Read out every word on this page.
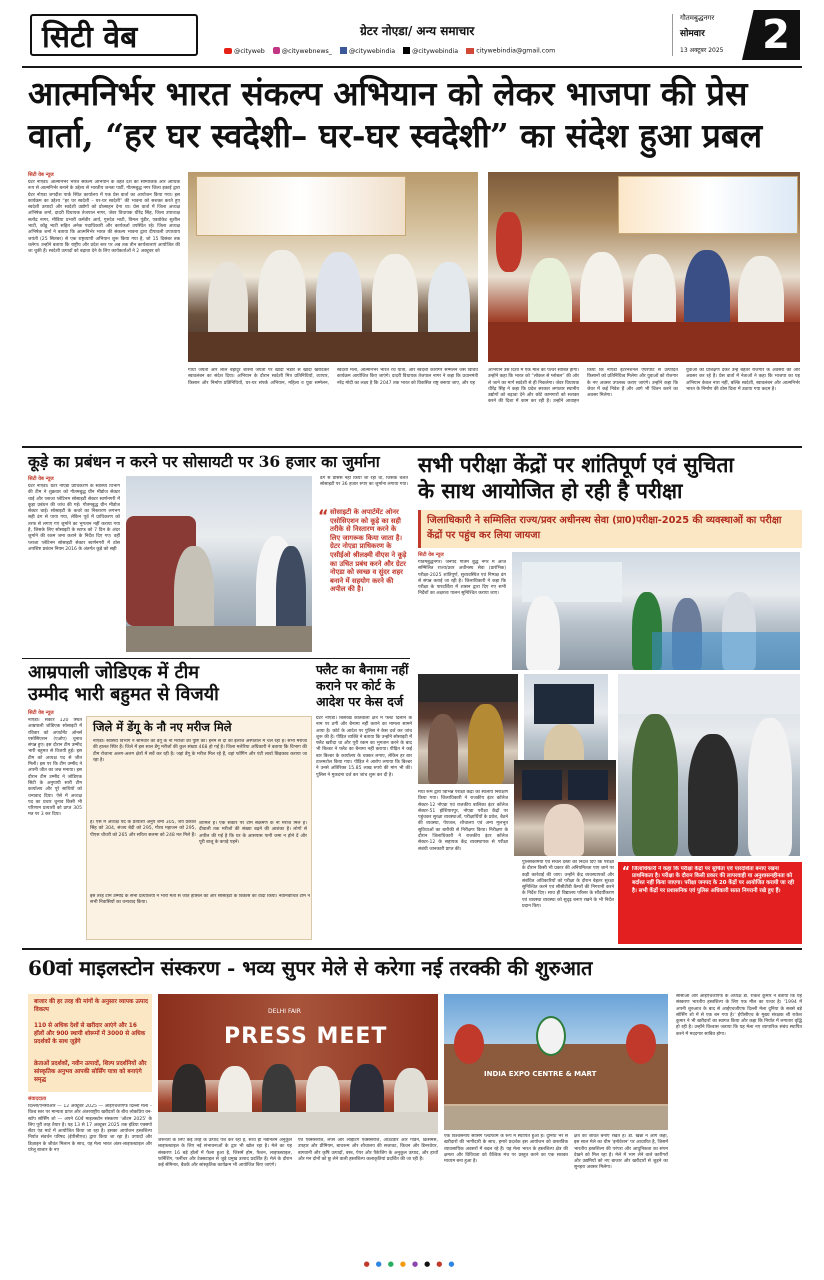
सिटी वेब	ग्रेटर नोएडा/ अन्य समाचार
@cityweb	@citywebnews_	@citywebindia	@citywebindia	citywebindia@gmail.com
गौतमबुद्धनगर
सोमवार
13 अक्टूबर 2025 2
आत्मनिर्भर भारत संकल्प अभियान को लेकर भाजपा की प्रेस
वार्ता, “हर घर स्वदेशी– घर-घर स्वदेशी” का संदेश हुआ प्रबल
सिटी वेब न्यूज
ग्रेटर नोएडा। आत्मनिर्भर भारत संकल्प अभियान के तहत देश को सामाजिक और आर्थिक रूप से आत्मनिर्भर बनाने के उद्देश्य से भारतीय जनता पार्टी, गौतमबुद्ध नगर जिला इकाई द्वारा ग्रेटर नोएडा जगदीश पार्क स्थित कार्यालय में एक प्रेस वार्ता का आयोजन किया गया। इस कार्यक्रम का उद्देश्य “हर घर स्वदेशी – घर-घर स्वदेशी” की भावना को सशक्त करते हुए स्वदेशी उत्पादों और स्वदेशी उद्योगों को प्रोत्साहन देना था। प्रेस वार्ता में जिला अध्यक्ष अभिषेक शर्मा, दादरी विधायक तेजपाल नागर, जेवर विधायक धीरेंद्र सिंह, जिला उपाध्यक्ष सत्येंद्र नागर, मीडिया प्रभारी कर्मवीर आर्य, गुरुदेव भाटी, विमल पुंडीर, एडवोकेट सुशील भाटी, कोंडू भाटी सहित अनेक पदाधिकारी और कार्यकर्ता उपस्थित रहे। जिला अध्यक्ष अभिषेक शर्मा ने बताया कि आत्मनिर्भर भारत की संकल्प भावना द्वारा दीपावली उपाध्याय जयंती (25 सितंबर) से एक राष्ट्रव्यापी अभियान शुरू किया गया है, जो 15 दिसंबर तक चलेगा। उन्होंने बताया कि राष्ट्रीय और प्रदेश स्तर पर अब तक तीन कार्यशालाएं आयोजित की जा चुकी हैं। स्वदेशी उत्पादों को बढ़ावा देने के लिए कार्यकर्ताओं ने 2 अक्टूबर को
गांधी जयंती और लाल बहादुर शास्त्री जयंती पर खादी भंडार से खादी खरीदकर स्वावलंबन का संदेश दिया। अभियान के दौरान स्वदेशी मित्र प्रतिनिधियों, व्यापार, किसान और निर्माण प्रतिनिधियों, घर-घर संपर्क अभियान, महिला व युवा सम्मेलन, स्वदेशी मेला, आत्मनिर्भर भारत रथ यात्रा, और स्वदेशी कारीगर सम्मेलन जैसे विविध कार्यक्रम आयोजित किए जाएंगे। दादरी विधायक तेजपाल नागर ने कहा कि प्रधानमंत्री नरेंद्र मोदी का लक्ष्य है कि 2047 तक भारत को विकसित राष्ट्र बनाया जाए, और यह
अभियान उस दिशा में एक मील का पत्थर साबित होगा। उन्होंने कहा कि भारत को “लोकल से ग्लोबल” की ओर ले जाने का मार्ग स्वदेशी से ही निकलेगा। जेवर विधायक धीरेंद्र सिंह ने कहा कि प्रदेश सरकार लगातार स्थानीय उद्योगों को बढ़ावा देने और छोटे कामगारों को सशक्त करने की दिशा में काम कर रही है। उन्होंने आवाहन किया कि नोएडा इंटरनेशनल एयरपोर्ट से उत्पादित किसानों को प्रतिनिधित्व मिलेगा और युवाओं को रोजगार के नए अवसर उपलब्ध कराए जाएंगे। उन्होंने कहा कि जेवर में कई निवेश हैं और आगे भी चिंतन करने का अवसर मिलेगा।
युवाओं को प्रशिक्षण देकर उन्हें बेहतर रोजगार के अवसरों की ओर अग्रसर कर रहे हैं। प्रेस वार्ता में नेताओं ने कहा कि भाजपा का यह अभियान केवल नारा नहीं, बल्कि स्वदेशी, स्वावलंबन और आत्मनिर्भर भारत के निर्माण की ठोस दिशा में उठाया गया कदम है।
कूड़े का प्रबंधन न करने पर सोसायटी पर 36 हजार का जुर्माना
सिटी वेब न्यूज
ग्रेटर नोएडा। ग्रेटर नोएडा प्राधिकरण के स्वास्थ्य विभाग की टीम ने शुक्रवार को गौतमबुद्ध ग्रीन मीडोज सेक्टर चाई और प्लाजा प्लेटिनम सोसाइटी सेक्टर स्वर्णनगरी में कूड़ा प्रबंधन की जांच की गई। गौतमबुद्ध ग्रीन मीडोज सेक्टर चाई। सोसाइटी के कचरे का निस्तारण लगभग सही ढंग से पाया गया, लेकिन पूर्व में प्राधिकरण को तरफ से लगाए गए जुर्माने का भुगतान नहीं कराया गया है, जिसके लिए सोसाइटी के स्टाफ को 7 दिन के अंदर जुर्माने की रकम जमा कराने के निर्देश दिए गए। वहीं प्लाजा प्लेटिनम सोसाइटी सेक्टर स्वर्णनगरी में ठोस अपशिष्ट प्रबंधन नियम 2016 के अंतर्गत कूड़े को सही
ढंग से प्रोसेस नहीं किया जा रहा था, जिसके चलते सोसाइटी पर 36 हजार रुपए का जुर्माना लगाया गया।
“ सोसाइटी के अपार्टमेंट ओनर एसोसिएशन को कूड़े का सही तरीके से निस्तारण करने के लिए जागरूक किया जाता है। ग्रेटर नोएडा प्राधिकरण के एसीईओ श्रीलक्ष्मी वीएस ने कूड़े का उचित प्रबंध करने और ग्रेटर नोएडा को स्वच्छ व सुंदर शहर बनाने में सहयोग करने की अपील की है।
सभी परीक्षा केंद्रों पर शांतिपूर्ण एवं सुचिता
के साथ आयोजित हो रही है परीक्षा
जिलाधिकारी ने सम्मिलित राज्य/प्रवर अधीनस्थ सेवा (प्रा0)परीक्षा-2025 की व्यवस्थाओं का परीक्षा केंद्रों पर पहुंच कर लिया जायजा
सिटी वेब न्यूज
गौतमबुद्धनगर। जनपद गौतम बुद्ध नगर में आज सम्मिलित राज्य/प्रवर अधीनस्थ सेवा (प्रारंभिक) परीक्षा-2025 शांतिपूर्ण, सुव्यवस्थित एवं निष्पक्ष ढंग से संपन्न कराई जा रही है। जिलाधिकारी ने कहा कि परीक्षा के पारदर्शिता में शासन द्वारा दिए गए सभी निर्देशों का अक्षरशः पालन सुनिश्चित कराया जाए।
मेधा रूम द्वारा विभिन्न परीक्षा केंद्रों का स्थलीय निरीक्षण किया गया। जिलाधिकारी ने राजकीय इंटर कॉलेज सेक्टर-12 नोएडा एवं राजकीय बालिका इंटर कॉलेज सेक्टर-51 होशियारपुर, नोएडा परीक्षा केंद्रों पर पहुंचकर सुरक्षा व्यवस्थाओं, परीक्षार्थियों के प्रवेश, बैठने की व्यवस्था, पेयजल, शौचालय एवं अन्य मूलभूत सुविधाओं का बारीकी से निरीक्षण किया। निरीक्षण के दौरान जिलाधिकारी ने राजकीय इंटर कॉलेज सेक्टर-12 के सहायक केंद्र व्यवस्थापक से परीक्षा संबंधी जानकारी प्राप्त की।
पुलिसकर्मियों एवं सचल दस्तों को निर्देश दिए कि परीक्षा के दौरान किसी भी प्रकार की अनियमितता पाए जाने पर कड़ी कार्रवाई की जाए। उन्होंने केंद्र व्यवस्थापकों और संबंधित अधिकारियों को परीक्षा के दौरान बेहतर सुरक्षा सुनिश्चित करने एवं सीसीटीवी कैमरों की निगरानी करने के निर्देश दिए। साथ ही विद्यालय परिसर के सौंदर्यीकरण एवं व्यवस्था व्यवस्था को सुदृढ़ बनाए रखने के भी निर्देश प्रदान किए।
“ जिलाधिकारी ने कहा कि परीक्षा केंद्रों पर सुचिता एवं पारदर्शिता बनाए रखना प्राथमिकता है। परीक्षा के दौरान किसी प्रकार की लापरवाही या अनुशासनहीनता को बर्दाश्त नहीं किया जाएगा। परीक्षा जनपद के 20 केंद्रों पर आयोजित करायी जा रही है। सभी केंद्रों पर प्रशासनिक एवं पुलिस अधिकारी सतत निगरानी रखे हुए हैं।
आम्रपाली जोडिएक में टीम
उम्मीद भारी बहुमत से विजयी
सिटी वेब न्यूज
नोएडा। सेक्टर 120 स्थित आम्रपाली जोडिएक सोसाइटी में रविवार को अपार्टमेंट ओनर्स एसोसिएशन (एओए) चुनाव संपन्न हुए। इस दौरान टीम उम्मीद भारी बहुमत से विजयी हुई। इस टीम को अध्यक्ष पद से जीत मिली। इस पर कि टीम उम्मीद ने अपनी जीत का जश्न मनाया। इस दौरान टीम उम्मीद ने जोडिएक सिटी के अनुयायी सारी टीम कार्यालय और पूरे साथियों को धन्यवाद दिया। ऐसे में अध्यक्ष पद का प्रचार चुनाव किसी भी परिणाम प्रत्याशी को प्राप्त 305 मत पर 3 कर दिया।
जिले में डेंगू के नौ नए मरीज मिले
नोएडा। स्वास्थ्य विभाग ने सोमवार को डेंगू के नौ मरीजों की पुष्टि की। इनमें से दो का इलाज अस्पताल में चल रहा है। सभी मरीजों की हालत स्थिर है। जिले में इस साल डेंगू मरीजों की कुल संख्या 468 हो गई है। जिला मलेरिया अधिकारी ने बताया कि विभाग की टीम रोजाना अलग-अलग क्षेत्रों में सर्वे कर रही है। जहां डेंगू के मरीज मिल रहे हैं, वहां फॉगिंग और एंटी लार्वा छिड़काव कराया जा रहा है।
शामिल हैं। एक सेक्टर पर टीम संक्रमण के नौ मरीज मिले हैं। दीवाली तक मरीजों की संख्या बढ़ने की आशंका है। लोगों से अपील की गई है कि घर के आसपास पानी जमा न होने दें और पूरी बाजू के कपड़े पहनें।
हैं। ऐसे में अध्यक्ष पद के प्रत्याशी अनुप शर्मा 305, जय प्रकाश सिंह को 304, संजय बेदी को 295, गौरव महाजन को 295, पीएस चौधरी को 265 और सरिता सलमा को 248 मत मिले हैं।
इस तरह टीम उम्मीद के सभी प्रत्याशियों ने भारी मतों से जीत हासिल की और सोसाइटी के विकास का वादा किया। नवनिर्वाचित टीम ने सभी निवासियों का धन्यवाद किया।
फ्लैट का बैनामा नहीं
कराने पर कोर्ट के
आदेश पर केस दर्ज
ग्रेटर नोएडा। बिसरख कोतवाली क्षेत्र में फ्लैट दिलाने के नाम पर ठगी और बैनामा नहीं कराने का मामला सामने आया है। कोर्ट के आदेश पर पुलिस ने केस दर्ज कर जांच शुरू की है। पीड़ित व्यक्ति ने बताया कि उन्होंने सोसाइटी में फ्लैट खरीदा था और पूरी रकम का भुगतान करने के बाद भी बिल्डर ने फ्लैट का बैनामा नहीं कराया। पीड़ित ने कई बार बिल्डर के कार्यालय के चक्कर लगाए, लेकिन हर बार टालमटोल किया गया। पीड़ित ने आरोप लगाया कि बिल्डर ने उनसे अतिरिक्त 15.85 लाख रुपये की मांग भी की। पुलिस ने मुकदमा दर्ज कर जांच शुरू कर दी है।
60वां माइलस्टोन संस्करण - भव्य सुपर मेले से करेगा नई तरक्की की शुरुआत
बाजार की हर तरह की मांगों के अनुसार व्यापक उत्पाद विकल्प
110 से अधिक देशों से खरीदार आएंगे और 16 हॉलों और 900 स्थायी शोरूमों में 3000 से अधिक प्रदर्शकों के साथ जुड़ेंगे
क्रेताओं प्रदर्शकों, नवीन उत्पादों, शिल्प प्रदर्शनियों और सांस्कृतिक अनुभव आपकी सोर्सिंग यात्रा को बनाएंगे समृद्ध
DELHI FAIR
PRESS MEET
INDIA EXPO CENTRE & MART
संवाददाता
दिल्ली/एनसीआर — 12 अक्टूबर 2025 — आईएचजीएफ दिल्ली मेला – विश्व स्तर पर मान्यता प्राप्त और अंतरराष्ट्रीय खरीदारों के बीच लोकप्रिय वन-स्टॉप सोर्सिंग शो — अपने 60वें माइलस्टोन संस्करण 'ऑटम 2025' के लिए पूरी तरह तैयार है। यह 13 से 17 अक्टूबर 2025 तक इंडिया एक्सपो सेंटर एंड मार्ट में आयोजित किया जा रहा है। इसका आयोजन हस्तशिल्प निर्यात संवर्धन परिषद (ईपीसीएच) द्वारा किया जा रहा है। उप्पादों और डिज़ाइन के जीवंत मिलान के साथ, यह मेला भारत अंतर-लाइफस्टाइल और घरेलू बाजार के नए
जरूरतों के लिए कई तरह के उत्पाद पेश कर रहा है, साथ ही नवीनतम अनुकूल लाइफस्टाइल के लिए नई संभावनाओं के द्वार भी खोल रहा है। मेले का यह संस्करण 16 बड़े हॉलों में फैला हुआ है, जिसमें होम, फैशन, लाइफस्टाइल, फर्निशिंग, फर्नीचर और टेक्सटाइल से जुड़े प्रमुख उत्पाद प्रदर्शित हैं। मेले के दौरान कई सेमिनार, बैठकें और सांस्कृतिक कार्यक्रम भी आयोजित किए जाएंगे।
एवं एक्सेसरीज, लैंप्स और लाइटिंग एक्सेसरीज, आउटडोर और गार्डन, क्रिसमस, उपहार और प्रीमियम, बाथरूम और शौचालय की सजावट, किचन और डिनरवेयर, बागवानी और कृषि उत्पादों, वस्त्र, पेपर और पैकेजिंग के अनुकूल उत्पाद, और हाथों और मन दोनों को छू लेने वाली हस्तशिल्प कलाकृतियां प्रदर्शित की जा रही हैं।
एक विश्वसनीय सोर्सिंग प्लेटफॉर्म के रूप में स्थापित हुआ है। दुनिया भर से खरीदारों की भागीदारी के साथ, हमारे प्रदर्शक इस आयोजन को वास्तविक व्यावसायिक अवसरों में बदल रहे हैं। यह मेला भारत के हस्तशिल्प क्षेत्र की क्षमता और विविधता को वैश्विक मंच पर प्रस्तुत करने का एक सशक्त माध्यम बना हुआ है।
क्षेत्र को जीवंत बनाए रखते हैं। डॉ. खन्ना ने आगे कहा, इस साल मेले का थीम 'इनोवेशन' पर आधारित है, जिसमें भारतीय हस्तशिल्प की परंपरा और आधुनिकता का संगम देखने को मिल रहा है। मेले में भाग लेने वाले कारीगरों और उद्यमियों को नए बाजार और खरीदारों से जुड़ने का सुनहरा अवसर मिलेगा।
सीसीओ और आईएचजीएफ के अध्यक्ष डॉ. राकेश कुमार ने बताया कि यह संस्करण भारतीय हस्तशिल्प के लिए एक मील का पत्थर है। '1994 में अपनी शुरुआत के बाद से आईएचजीएफ दिल्ली मेला दुनिया के सबसे बड़े सोर्सिंग शो में से एक बन गया है।' ईपीसीएच के मुख्य संरक्षक श्री राकेश कुमार ने भी खरीदारों का स्वागत किया और कहा कि निर्यात में लगातार वृद्धि हो रही है। उन्होंने विश्वास जताया कि यह मेला नए व्यापारिक संबंध स्थापित करने में मददगार साबित होगा।
●●●●●●●●
